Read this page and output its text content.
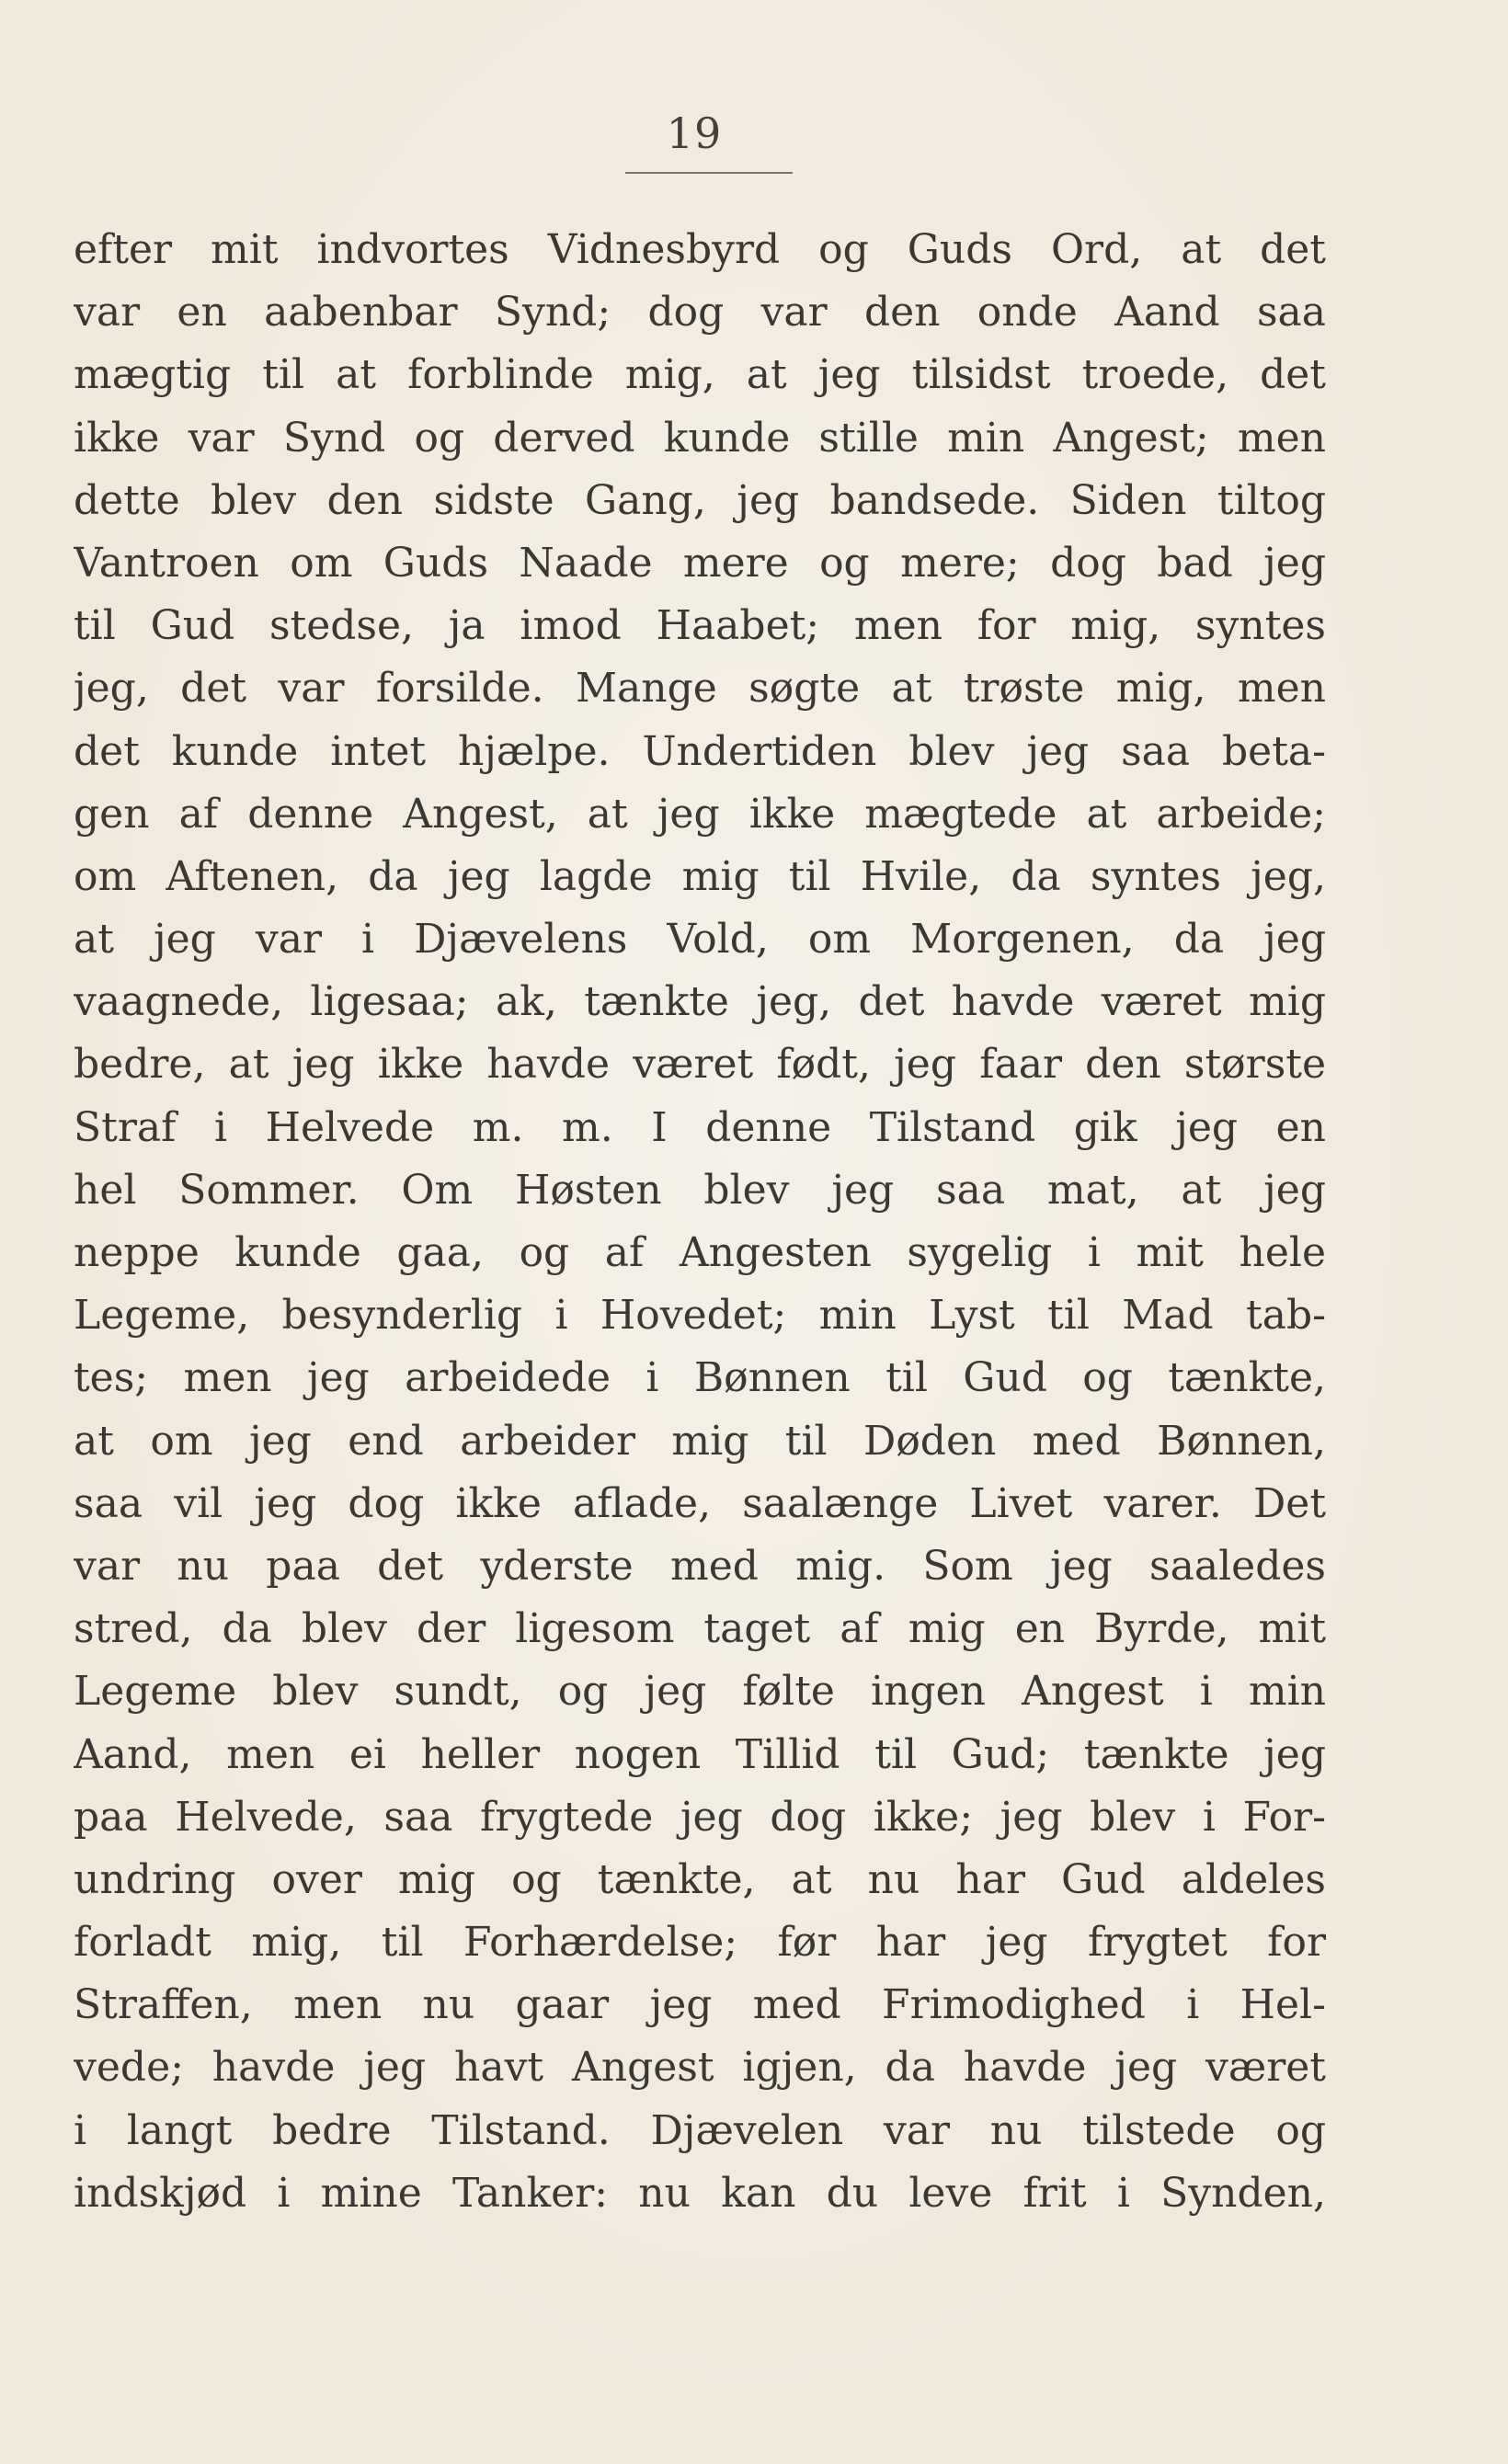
19
efter mit indvortes Vidnesbyrd og Guds Ord, at det
var en aabenbar Synd; dog var den onde Aand saa
mægtig til at forblinde mig, at jeg tilsidst troede, det
ikke var Synd og derved kunde stille min Angest; men
dette blev den sidste Gang, jeg bandsede. Siden tiltog
Vantroen om Guds Naade mere og mere; dog bad jeg
til Gud stedse, ja imod Haabet; men for mig, syntes
jeg, det var forsilde. Mange søgte at trøste mig, men
det kunde intet hjælpe. Undertiden blev jeg saa beta-
gen af denne Angest, at jeg ikke mægtede at arbeide;
om Aftenen, da jeg lagde mig til Hvile, da syntes jeg,
at jeg var i Djævelens Vold, om Morgenen, da jeg
vaagnede, ligesaa; ak, tænkte jeg, det havde været mig
bedre, at jeg ikke havde været født, jeg faar den største
Straf i Helvede m. m. I denne Tilstand gik jeg en
hel Sommer. Om Høsten blev jeg saa mat, at jeg
neppe kunde gaa, og af Angesten sygelig i mit hele
Legeme, besynderlig i Hovedet; min Lyst til Mad tab-
tes; men jeg arbeidede i Bønnen til Gud og tænkte,
at om jeg end arbeider mig til Døden med Bønnen,
saa vil jeg dog ikke aflade, saalænge Livet varer. Det
var nu paa det yderste med mig. Som jeg saaledes
stred, da blev der ligesom taget af mig en Byrde, mit
Legeme blev sundt, og jeg følte ingen Angest i min
Aand, men ei heller nogen Tillid til Gud; tænkte jeg
paa Helvede, saa frygtede jeg dog ikke; jeg blev i For-
undring over mig og tænkte, at nu har Gud aldeles
forladt mig, til Forhærdelse; før har jeg frygtet for
Straffen, men nu gaar jeg med Frimodighed i Hel-
vede; havde jeg havt Angest igjen, da havde jeg været
i langt bedre Tilstand. Djævelen var nu tilstede og
indskjød i mine Tanker: nu kan du leve frit i Synden,
